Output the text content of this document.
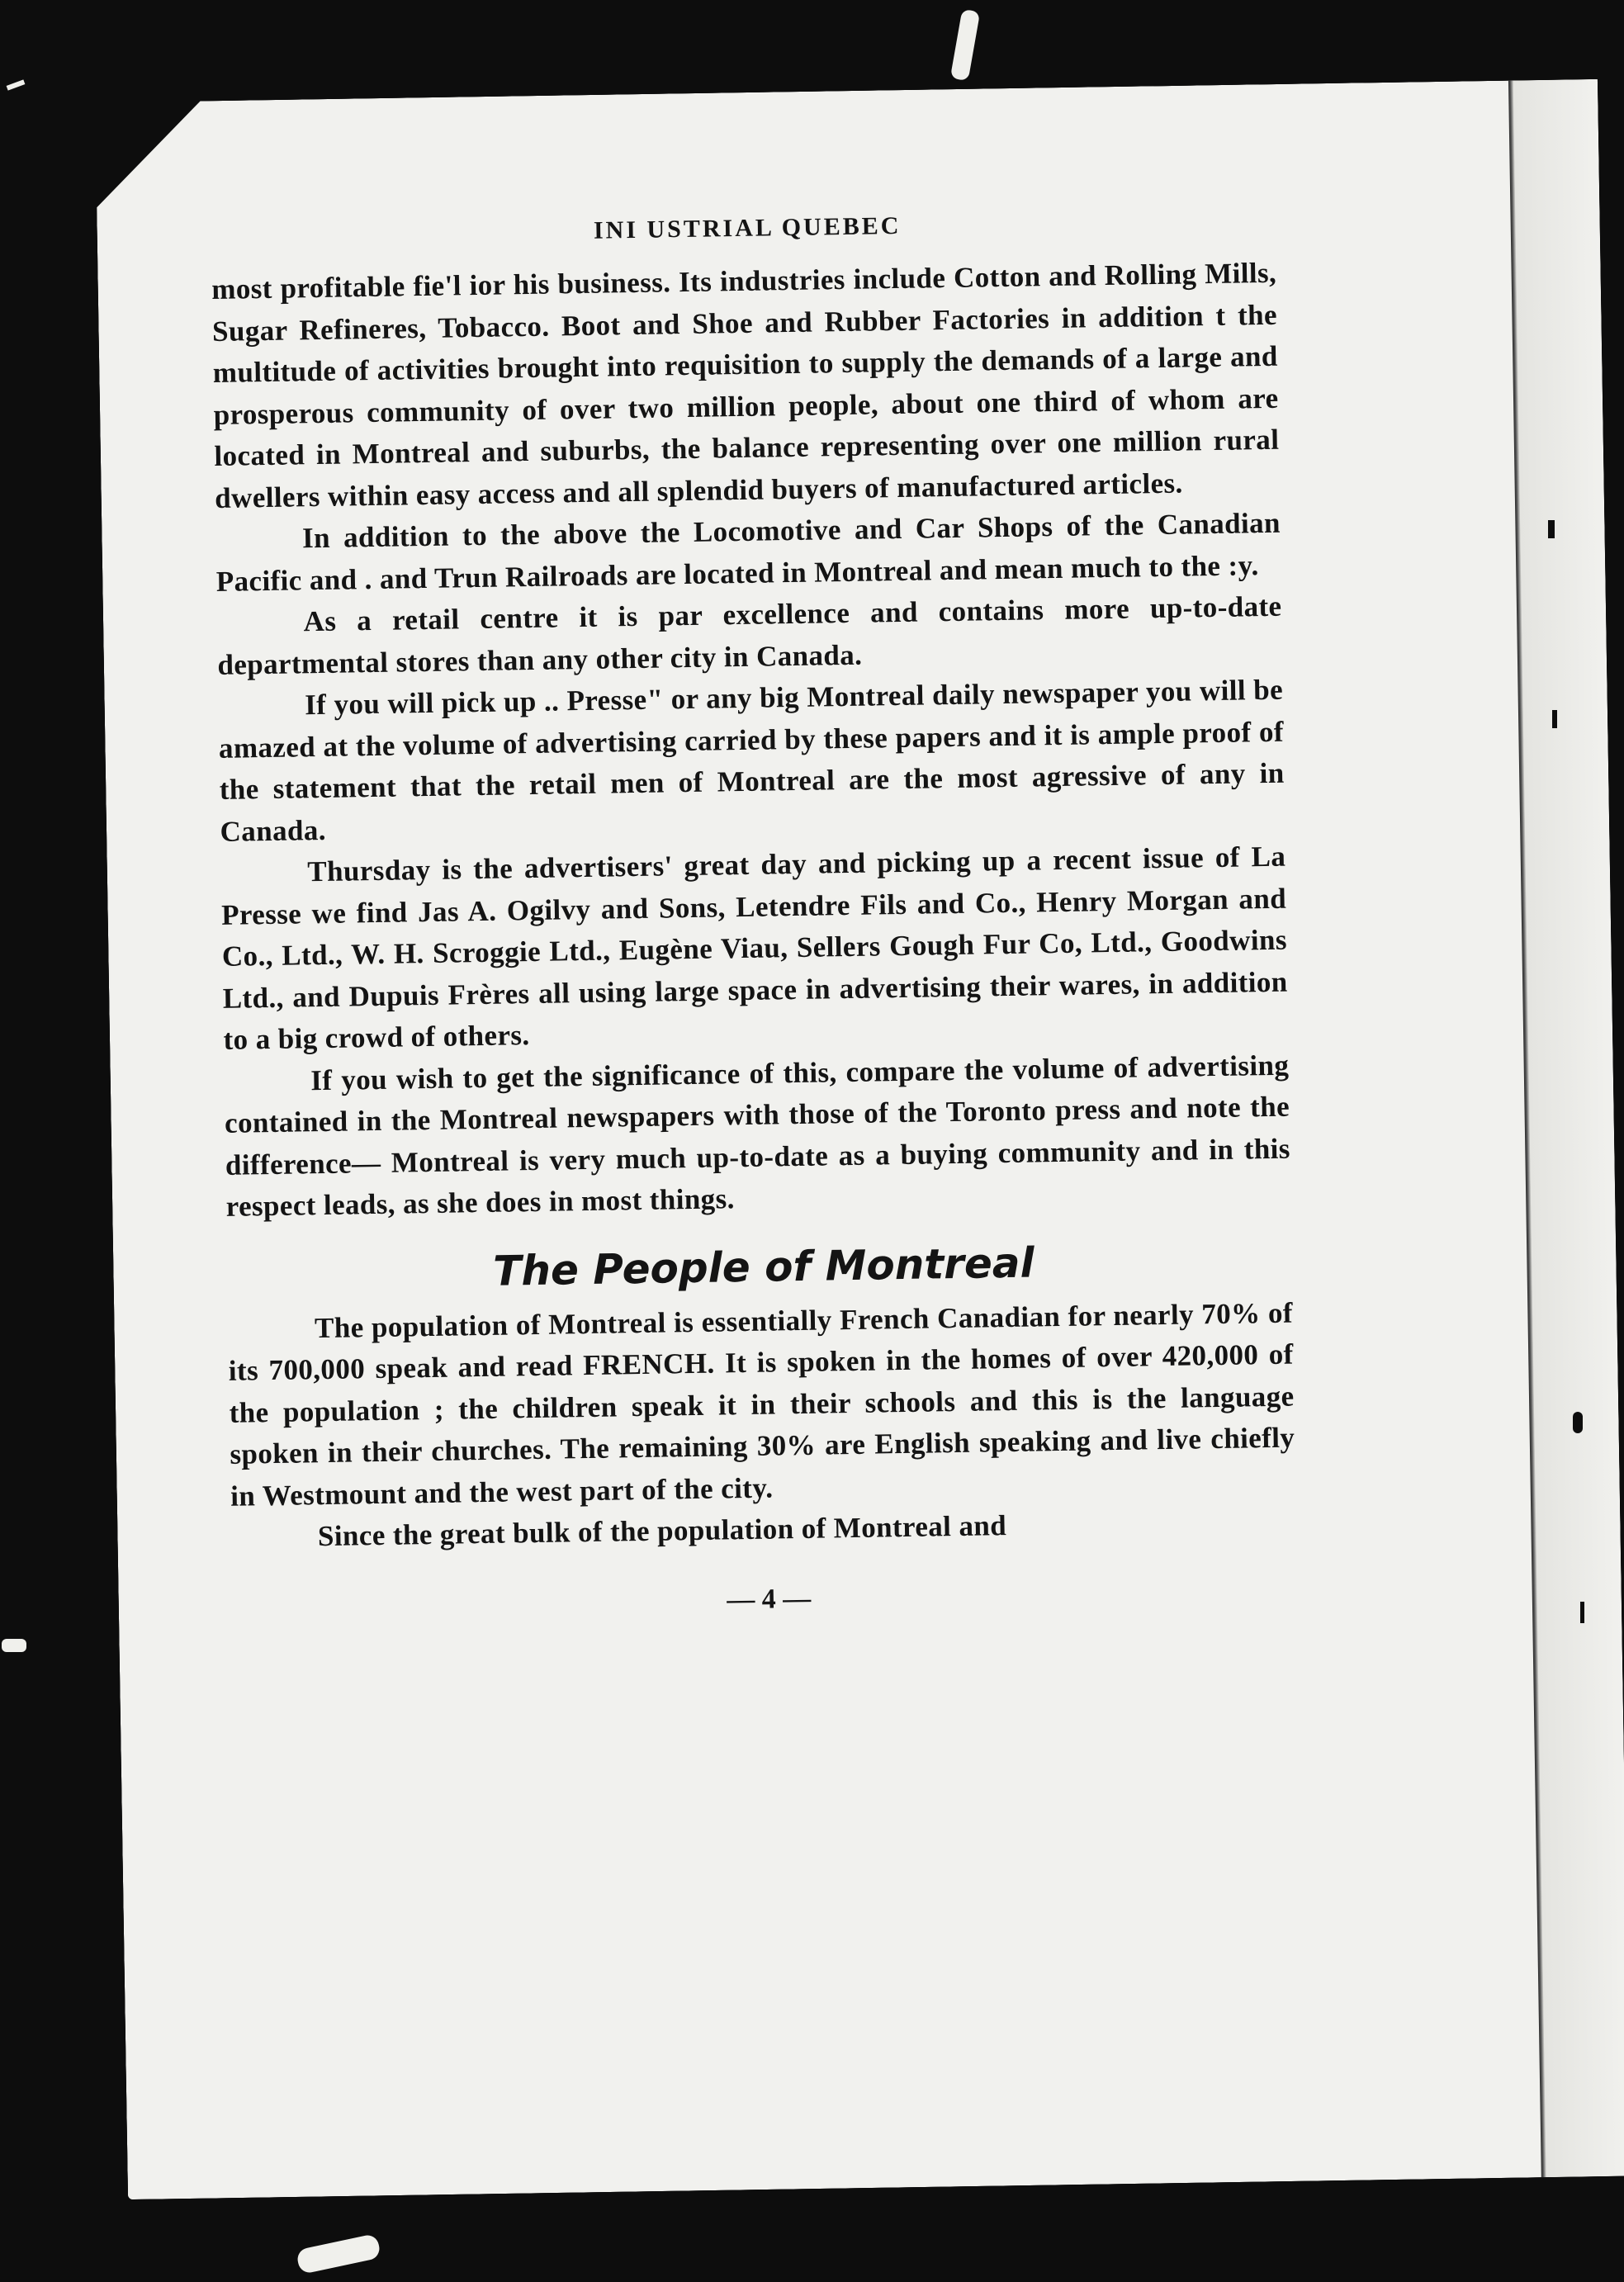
INI USTRIAL QUEBEC

most profitable fie'l ior his business. Its industries include Cotton and Rolling Mills, Sugar Refineres, Tobacco. Boot and Shoe and Rubber Factories in addition t the multitude of activities brought into requisition to supply the demands of a large and prosperous community of over two million people, about one third of whom are located in Montreal and suburbs, the balance representing over one million rural dwellers within easy access and all splendid buyers of manufactured articles.

In addition to the above the Locomotive and Car Shops of the Canadian Pacific and . and Trun Railroads are located in Montreal and mean much to the :y.

As a retail centre it is par excellence and contains more up-to-date departmental stores than any other city in Canada.

If you will pick up .. Presse" or any big Montreal daily newspaper you will be amazed at the volume of advertising carried by these papers and it is ample proof of the statement that the retail men of Montreal are the most agressive of any in Canada.

Thursday is the advertisers' great day and picking up a recent issue of La Presse we find Jas A. Ogilvy and Sons, Letendre Fils and Co., Henry Morgan and Co., Ltd., W. H. Scroggie Ltd., Eugène Viau, Sellers Gough Fur Co, Ltd., Goodwins Ltd., and Dupuis Frères all using large space in advertising their wares, in addition to a big crowd of others.

If you wish to get the significance of this, compare the volume of advertising contained in the Montreal newspapers with those of the Toronto press and note the difference— Montreal is very much up-to-date as a buying community and in this respect leads, as she does in most things.

The People of Montreal

The population of Montreal is essentially French Canadian for nearly 70% of its 700,000 speak and read FRENCH. It is spoken in the homes of over 420,000 of the population ; the children speak it in their schools and this is the language spoken in their churches. The remaining 30% are English speaking and live chiefly in Westmount and the west part of the city.

Since the great bulk of the population of Montreal and

— 4 —
